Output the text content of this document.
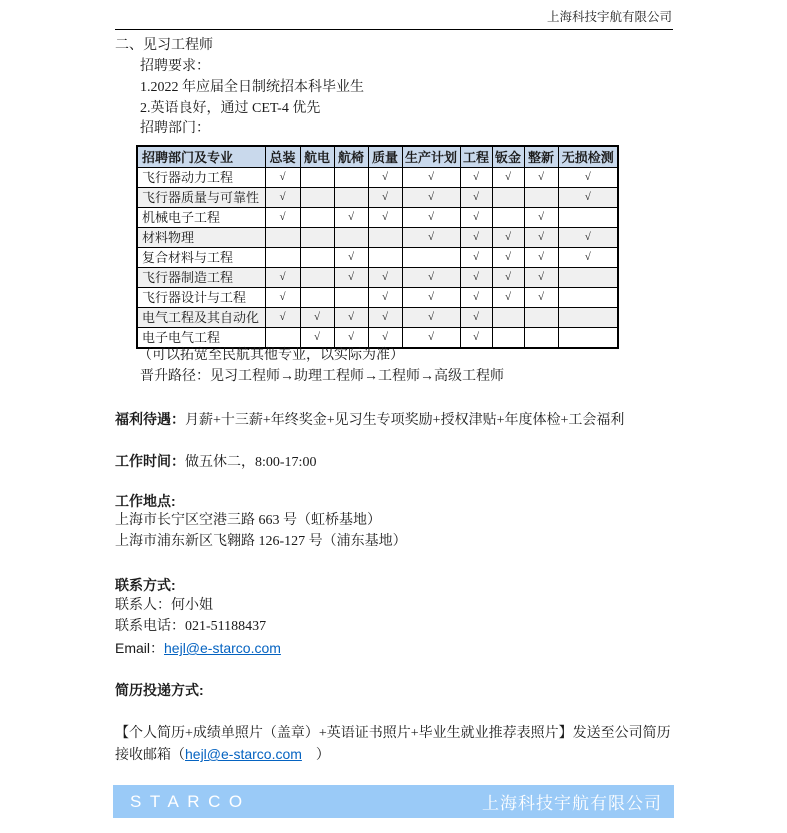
上海科技宇航有限公司
二、见习工程师
招聘要求：
1.2022 年应届全日制统招本科毕业生
2.英语良好，通过 CET-4 优先
招聘部门：
招聘部门及专业	总装	航电	航椅	质量	生产计划	工程	钣金	整新	无损检测
飞行器动力工程	√			√	√	√	√	√	√
飞行器质量与可靠性	√			√	√	√			√
机械电子工程	√		√	√	√	√		√	
材料物理					√	√	√	√	√
复合材料与工程			√			√	√	√	√
飞行器制造工程	√		√	√	√	√	√	√	
飞行器设计与工程	√			√	√	√	√	√	
电气工程及其自动化	√	√	√	√	√	√			
电子电气工程		√	√	√	√	√			
（可以拓宽至民航其他专业，以实际为准）
晋升路径：见习工程师→助理工程师→工程师→高级工程师
福利待遇：月薪+十三薪+年终奖金+见习生专项奖励+授权津贴+年度体检+工会福利
工作时间：做五休二，8:00-17:00
工作地点:
上海市长宁区空港三路 663 号（虹桥基地）
上海市浦东新区飞翱路 126-127 号（浦东基地）
联系方式:
联系人：何小姐
联系电话：021-51188437
Email：hejl@e-starco.com
简历投递方式:
【个人简历+成绩单照片（盖章）+英语证书照片+毕业生就业推荐表照片】发送至公司简历
接收邮箱（hejl@e-starco.com　）
STARCO	上海科技宇航有限公司
